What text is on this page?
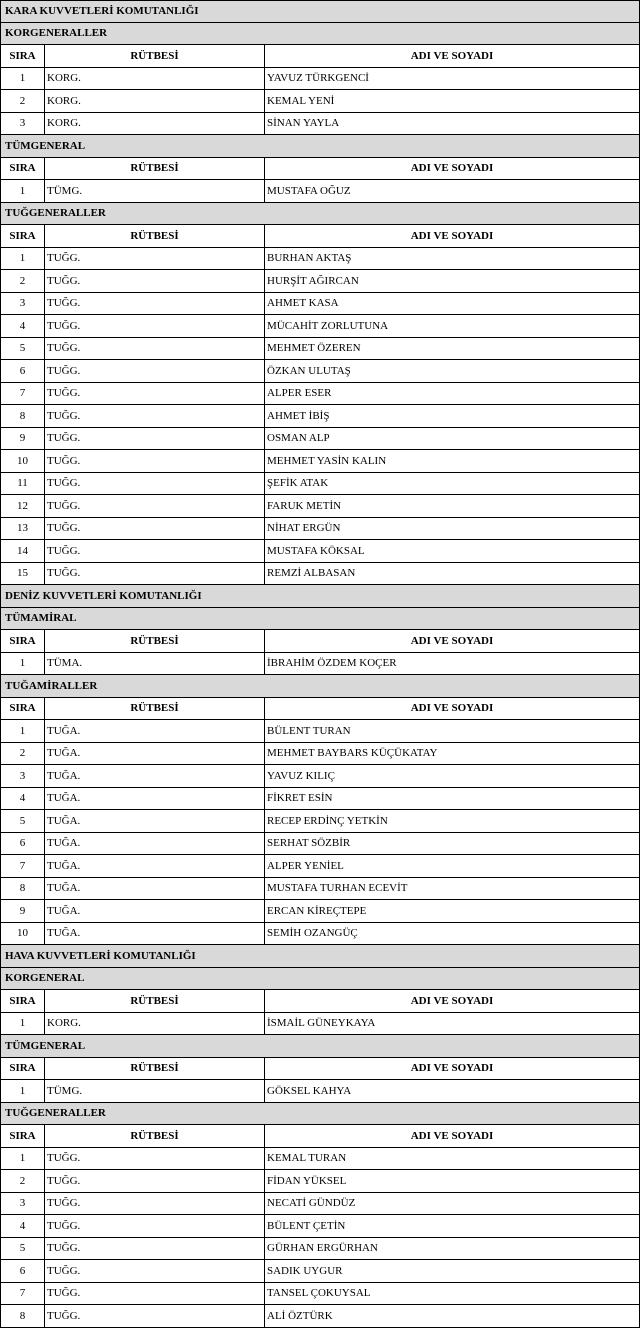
KARA KUVVETLERİ KOMUTANLIĞI
KORGENERALLER
SIRA	RÜTBESİ	ADI VE SOYADI
1	KORG.	YAVUZ TÜRKGENCİ
2	KORG.	KEMAL YENİ
3	KORG.	SİNAN YAYLA
TÜMGENERAL
SIRA	RÜTBESİ	ADI VE SOYADI
1	TÜMG.	MUSTAFA OĞUZ
TUĞGENERALLER
SIRA	RÜTBESİ	ADI VE SOYADI
1	TUĞG.	BURHAN AKTAŞ
2	TUĞG.	HURŞİT AĞIRCAN
3	TUĞG.	AHMET KASA
4	TUĞG.	MÜCAHİT ZORLUTUNA
5	TUĞG.	MEHMET ÖZEREN
6	TUĞG.	ÖZKAN ULUTAŞ
7	TUĞG.	ALPER ESER
8	TUĞG.	AHMET İBİŞ
9	TUĞG.	OSMAN ALP
10	TUĞG.	MEHMET YASİN KALIN
11	TUĞG.	ŞEFİK ATAK
12	TUĞG.	FARUK METİN
13	TUĞG.	NİHAT ERGÜN
14	TUĞG.	MUSTAFA KÖKSAL
15	TUĞG.	REMZİ ALBASAN
DENİZ KUVVETLERİ KOMUTANLIĞI
TÜMAMİRAL
SIRA	RÜTBESİ	ADI VE SOYADI
1	TÜMA.	İBRAHİM ÖZDEM KOÇER
TUĞAMİRALLER
SIRA	RÜTBESİ	ADI VE SOYADI
1	TUĞA.	BÜLENT TURAN
2	TUĞA.	MEHMET BAYBARS KÜÇÜKATAY
3	TUĞA.	YAVUZ KILIÇ
4	TUĞA.	FİKRET ESİN
5	TUĞA.	RECEP ERDİNÇ YETKİN
6	TUĞA.	SERHAT SÖZBİR
7	TUĞA.	ALPER YENİEL
8	TUĞA.	MUSTAFA TURHAN ECEVİT
9	TUĞA.	ERCAN KİREÇTEPE
10	TUĞA.	SEMİH OZANGÜÇ
HAVA KUVVETLERİ KOMUTANLIĞI
KORGENERAL
SIRA	RÜTBESİ	ADI VE SOYADI
1	KORG.	İSMAİL GÜNEYKAYA
TÜMGENERAL
SIRA	RÜTBESİ	ADI VE SOYADI
1	TÜMG.	GÖKSEL KAHYA
TUĞGENERALLER
SIRA	RÜTBESİ	ADI VE SOYADI
1	TUĞG.	KEMAL TURAN
2	TUĞG.	FİDAN YÜKSEL
3	TUĞG.	NECATİ GÜNDÜZ
4	TUĞG.	BÜLENT ÇETİN
5	TUĞG.	GÜRHAN ERGÜRHAN
6	TUĞG.	SADIK UYGUR
7	TUĞG.	TANSEL ÇOKUYSAL
8	TUĞG.	ALİ ÖZTÜRK
